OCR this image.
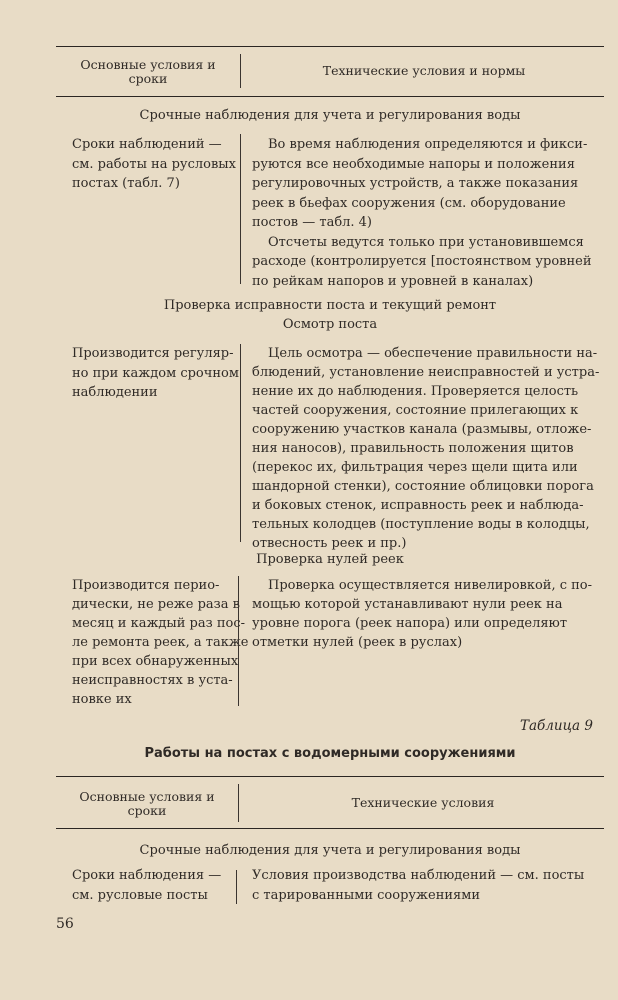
Основные условия и
сроки
Технические условия и нормы
Срочные наблюдения для учета и регулирования воды
Сроки наблюдений —
см. работы на русловых
постах (табл. 7)
Во время наблюдения определяются и фикси-
руются все необходимые напоры и положения
регулировочных устройств, а также показания
реек в бьефах сооружения (см. оборудование
постов — табл. 4)
Отсчеты ведутся только при установившемся
расходе (контролируется [постоянством уровней
по рейкам напоров и уровней в каналах)
Проверка исправности поста и текущий ремонт
Осмотр поста
Производится регуляр-
но при каждом срочном
наблюдении
Цель осмотра — обеспечение правильности на-
блюдений, установление неисправностей и устра-
нение их до наблюдения. Проверяется целость
частей сооружения, состояние прилегающих к
сооружению участков канала (размывы, отложе-
ния наносов), правильность положения щитов
(перекос их, фильтрация через щели щита или
шандорной стенки), состояние облицовки порога
и боковых стенок, исправность реек и наблюда-
тельных колодцев (поступление воды в колодцы,
отвесность реек и пр.)
Проверка нулей реек
Производится перио-
дически, не реже раза в
месяц и каждый раз пос-
ле ремонта реек, а также
при всех обнаруженных
неисправностях в уста-
новке их
Проверка осуществляется нивелировкой, с по-
мощью которой устанавливают нули реек на
уровне порога (реек напора) или определяют
отметки нулей (реек в руслах)
Таблица 9
Работы на постах с водомерными сооружениями
Основные условия и
сроки
Технические условия
Срочные наблюдения для учета и регулирования воды
Сроки наблюдения —
см. русловые посты
Условия производства наблюдений — см. посты
с тарированными сооружениями
56
